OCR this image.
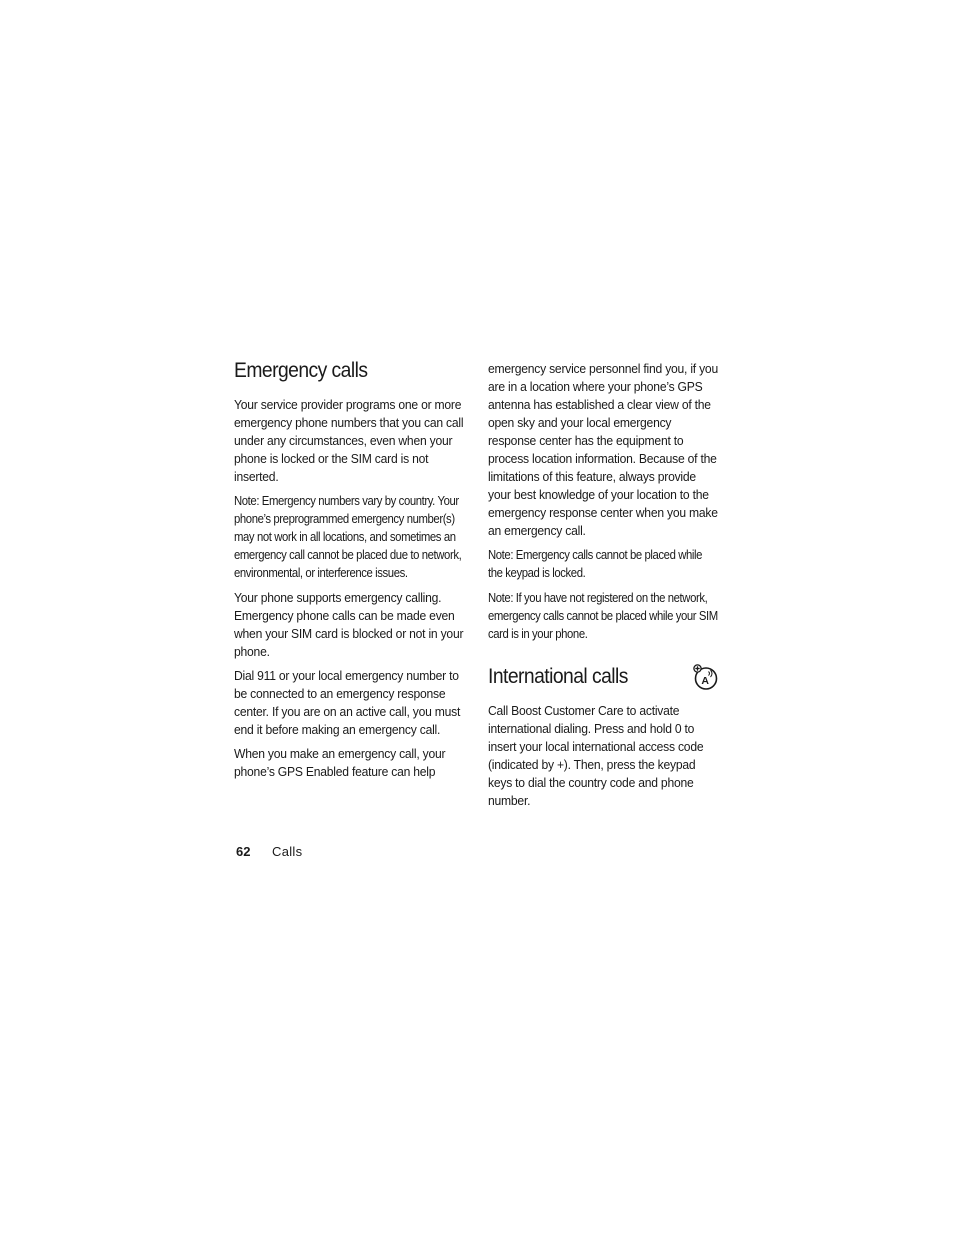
Emergency calls

Your service provider programs one or more emergency phone numbers that you can call under any circumstances, even when your phone is locked or the SIM card is not inserted.

Note: Emergency numbers vary by country. Your phone’s preprogrammed emergency number(s) may not work in all locations, and sometimes an emergency call cannot be placed due to network, environmental, or interference issues.

Your phone supports emergency calling. Emergency phone calls can be made even when your SIM card is blocked or not in your phone.

Dial 911 or your local emergency number to be connected to an emergency response center. If you are on an active call, you must end it before making an emergency call.

When you make an emergency call, your phone’s GPS Enabled feature can help

emergency service personnel find you, if you are in a location where your phone’s GPS antenna has established a clear view of the open sky and your local emergency response center has the equipment to process location information. Because of the limitations of this feature, always provide your best knowledge of your location to the emergency response center when you make an emergency call.

Note: Emergency calls cannot be placed while the keypad is locked.

Note: If you have not registered on the network, emergency calls cannot be placed while your SIM card is in your phone.

International calls	A

Call Boost Customer Care to activate international dialing. Press and hold 0 to insert your local international access code (indicated by +). Then, press the keypad keys to dial the country code and phone number.

62 Calls
